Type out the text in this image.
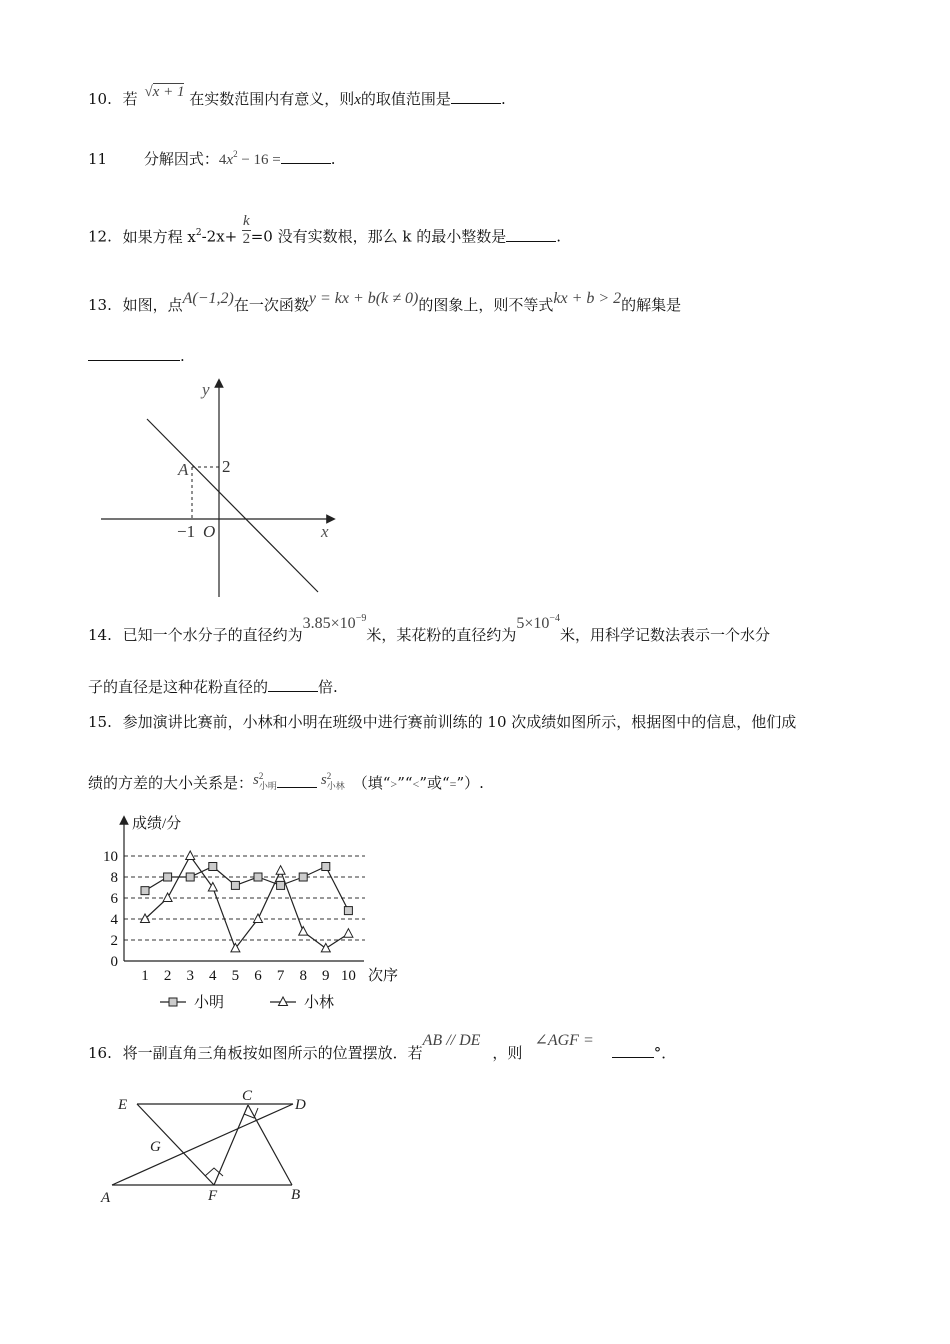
10. 若 √x + 1 在实数范围内有意义，则x的取值范围是	.
11 分解因式：$4x^2 - 16$ =	.
12. 如果方程 $x^2-2x+ \frac{k}{2} =0$ 没有实数根，那么 k 的最小整数是	.
13. 如图，点A(−1,2)在一次函数y = kx + b(k ≠ 0)的图象上，则不等式kx + b > 2的解集是
.
y
x
A 2
−1 O
14. 已知一个水分子的直径约为$3.85\times 10^{-9}$米，某花粉的直径约为$5\times 10^{-4}$米，用科学记数法表示一个水分
子的直径是这种花粉直径的	倍.
15. 参加演讲比赛前，小林和小明在班级中进行赛前训练的 10 次成绩如图所示，根据图中的信息，他们成
绩的方差的大小关系是：s 2
小明	s 2
小林 （填“>”“<”或“=”）.
成绩/分
次序
0
2
4
6
8
10
1 2 3 4 5 6 7 8 9 10
小明	小林
16. 将一副直角三角板按如图所示的位置摆放．若AB // DE，则∠AGF =°．
E
C
D
G
A	F	B
